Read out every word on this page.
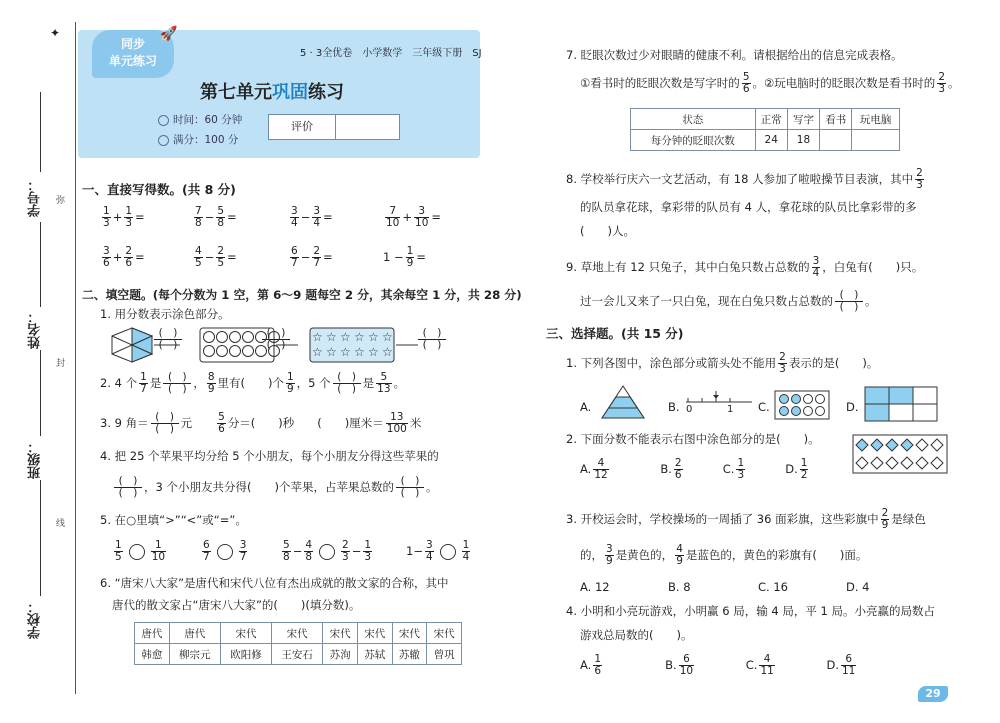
✦
学号： 弥
姓名：
封
班级：
线
学校：
同步
单元练习
🚀
5 · 3全优卷　小学数学　三年级下册　SJ
第七单元巩固练习
时间：60 分钟
满分：100 分
评价
一、直接写得数。(共 8 分)
$\frac{1}{3} + \frac{1}{3}$ =	$\frac{7}{8} - \frac{5}{8}$ =	$\frac{3}{4} - \frac{3}{4}$ =	$\frac{7}{10} + \frac{3}{10}$ =
$\frac{3}{6} + \frac{2}{6}$ =	$\frac{4}{5} - \frac{2}{5}$ =	$\frac{6}{7} - \frac{2}{7}$ =	$1 - \frac{1}{9}$ =
二、填空题。(每个分数为 1 空，第 6～9 题每空 2 分，其余每空 1 分，共 28 分)
1. 用分数表示涂色部分。
(　)
(　)
(　)
(　)
☆ ☆ ☆ ☆ ☆ ☆
☆ ☆ ☆ ☆ ☆ ☆
(　)
(　)
2. 4 个 $\frac{1}{7}$ 是 (　)
(　) ， $\frac{8}{9}$ 里有(　　)个 $\frac{1}{9}$ ，5 个 (　)
(　) 是 $\frac{5}{13}$ 。
3. 9 角＝ (　)
(　) 元　　 $\frac{5}{6}$ 分＝(　　)秒　　 (　　)厘米＝ $\frac{13}{100}$ 米
4. 把 25 个苹果平均分给 5 个小朋友，每个小朋友分得这些苹果的
(　)
(　) ，3 个小朋友共分得(　　)个苹果，占苹果总数的 (　)
(　) 。
5. 在○里填“>”“<”或“=”。
$\frac{1}{5}$	$\frac{1}{10}$	$\frac{6}{7}$	$\frac{3}{7}$	$\frac{5}{8} - \frac{4}{8}$	$\frac{2}{3} - \frac{1}{3}$	$1- \frac{3}{4}$	$\frac{1}{4}$
6. “唐宋八大家”是唐代和宋代八位有杰出成就的散文家的合称，其中
唐代的散文家占“唐宋八大家”的(　　)(填分数)。
唐代	唐代	宋代	宋代	宋代	宋代	宋代	宋代
韩愈	柳宗元	欧阳修	王安石	苏洵	苏轼	苏辙	曾巩
7. 眨眼次数过少对眼睛的健康不利。请根据给出的信息完成表格。
①看书时的眨眼次数是写字时的 $\frac{5}{6}$ 。②玩电脑时的眨眼次数是看书时的 $\frac{2}{3}$ 。
状态	正常	写字	看书	玩电脑
每分钟的眨眼次数	24	18		
8. 学校举行庆六一文艺活动，有 18 人参加了啦啦操节目表演，其中 $\frac{2}{3}$
的队员拿花球，拿彩带的队员有 4 人，拿花球的队员比拿彩带的多
(　　)人。
9. 草地上有 12 只兔子，其中白兔只数占总数的 $\frac{3}{4}$ ，白兔有(　　)只。
过一会儿又来了一只白兔，现在白兔只数占总数的 (　)
(　) 。
三、选择题。(共 15 分)
1. 下列各图中，涂色部分或箭头处不能用 $\frac{2}{3}$ 表示的是(　　)。
A.	B. 0	1 C.	D.
2. 下面分数不能表示右图中涂色部分的是(　　)。
A. $\frac{4}{12}$
　　　　	B. $\frac{2}{6}$
　　　	C. $\frac{1}{3}$
　　　	D. $\frac{1}{2}$
3. 开校运会时，学校操场的一周插了 36 面彩旗，这些彩旗中 $\frac{2}{9}$ 是绿色
的， $\frac{3}{9}$ 是黄色的， $\frac{4}{9}$ 是蓝色的，黄色的彩旗有(　　)面。
A. 12	B. 8	C. 16	D. 4
4. 小明和小亮玩游戏，小明赢 6 局，输 4 局，平 1 局。小亮赢的局数占
游戏总局数的(　　)。
A. $\frac{1}{6}$
　　　　　	B. $\frac{6}{10}$
　　　　	C. $\frac{4}{11}$
　　　　	D. $\frac{6}{11}$
29
